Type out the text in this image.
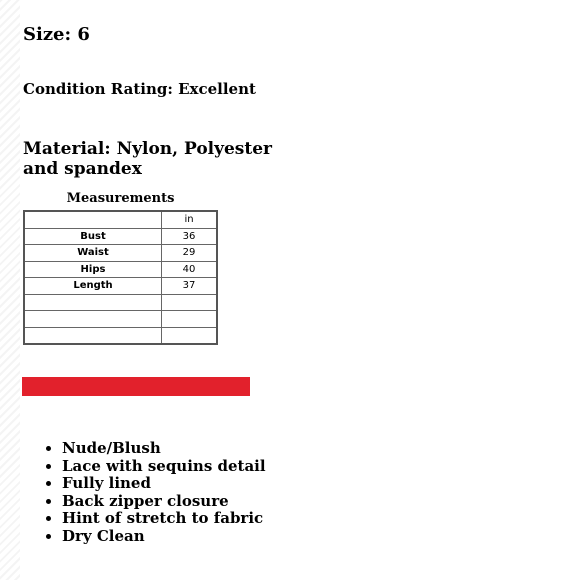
Size: 6
Condition Rating: Excellent
Material: Nylon, Polyester and spandex
Measurements
	in
Bust	36
Waist	29
Hips	40
Length	37

• Nude/Blush
• Lace with sequins detail
• Fully lined
• Back zipper closure
• Hint of stretch to fabric
• Dry Clean
